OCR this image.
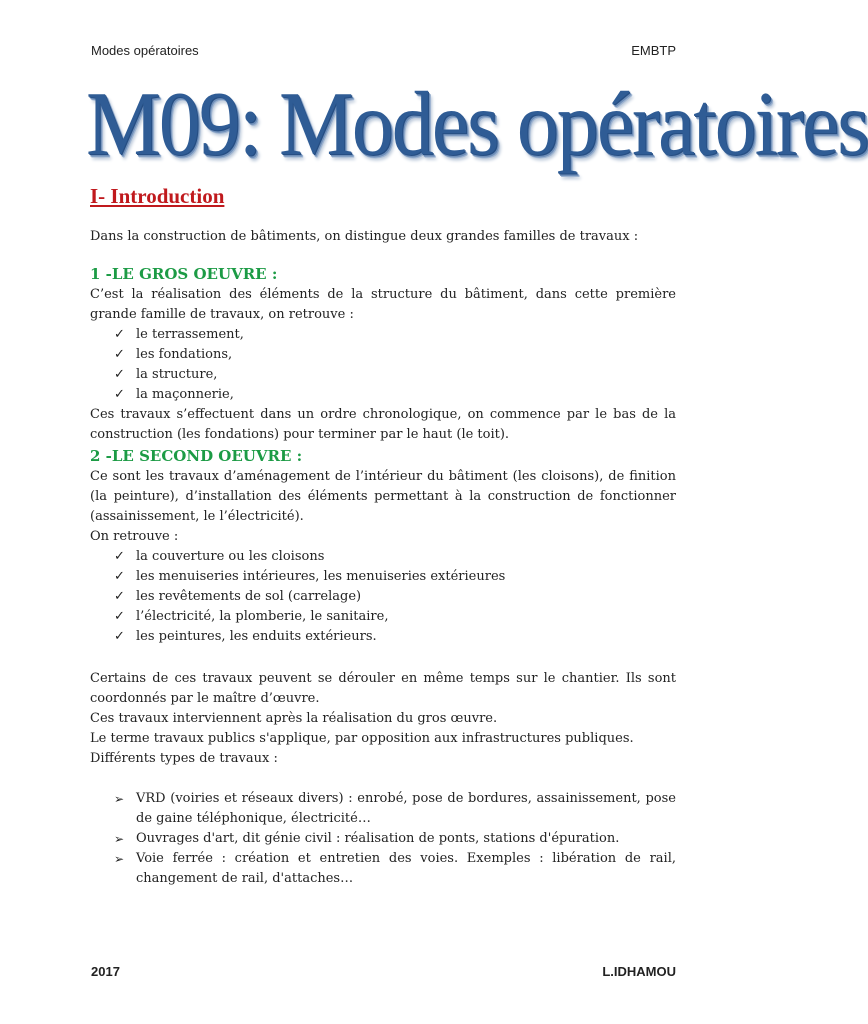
Modes opératoires	EMBTP
M09: Modes opératoires
I- Introduction

Dans la construction de bâtiments, on distingue deux grandes familles de travaux :

1 -LE GROS OEUVRE :

C’est la réalisation des éléments de la structure du bâtiment, dans cette première grande famille de travaux, on retrouve :

✓ le terrassement,
✓ les fondations,
✓ la structure,
✓ la maçonnerie,

Ces travaux s’effectuent dans un ordre chronologique, on commence par le bas de la construction (les fondations) pour terminer par le haut (le toit).

2 -LE SECOND OEUVRE :

Ce sont les travaux d’aménagement de l’intérieur du bâtiment (les cloisons), de finition (la peinture), d’installation des éléments permettant à la construction de fonctionner (assainissement, le l’électricité).

On retrouve :

✓ la couverture ou les cloisons
✓ les menuiseries intérieures, les menuiseries extérieures
✓ les revêtements de sol (carrelage)
✓ l’électricité, la plomberie, le sanitaire,
✓ les peintures, les enduits extérieurs.

Certains de ces travaux peuvent se dérouler en même temps sur le chantier. Ils sont coordonnés par le maître d’œuvre.

Ces travaux interviennent après la réalisation du gros œuvre.

Le terme travaux publics s'applique, par opposition aux infrastructures publiques.

Différents types de travaux :

➢ VRD (voiries et réseaux divers) : enrobé, pose de bordures, assainissement, pose de gaine téléphonique, électricité…
➢ Ouvrages d'art, dit génie civil : réalisation de ponts, stations d'épuration.
➢ Voie ferrée : création et entretien des voies. Exemples : libération de rail, changement de rail, d'attaches…
2017	L.IDHAMOU
